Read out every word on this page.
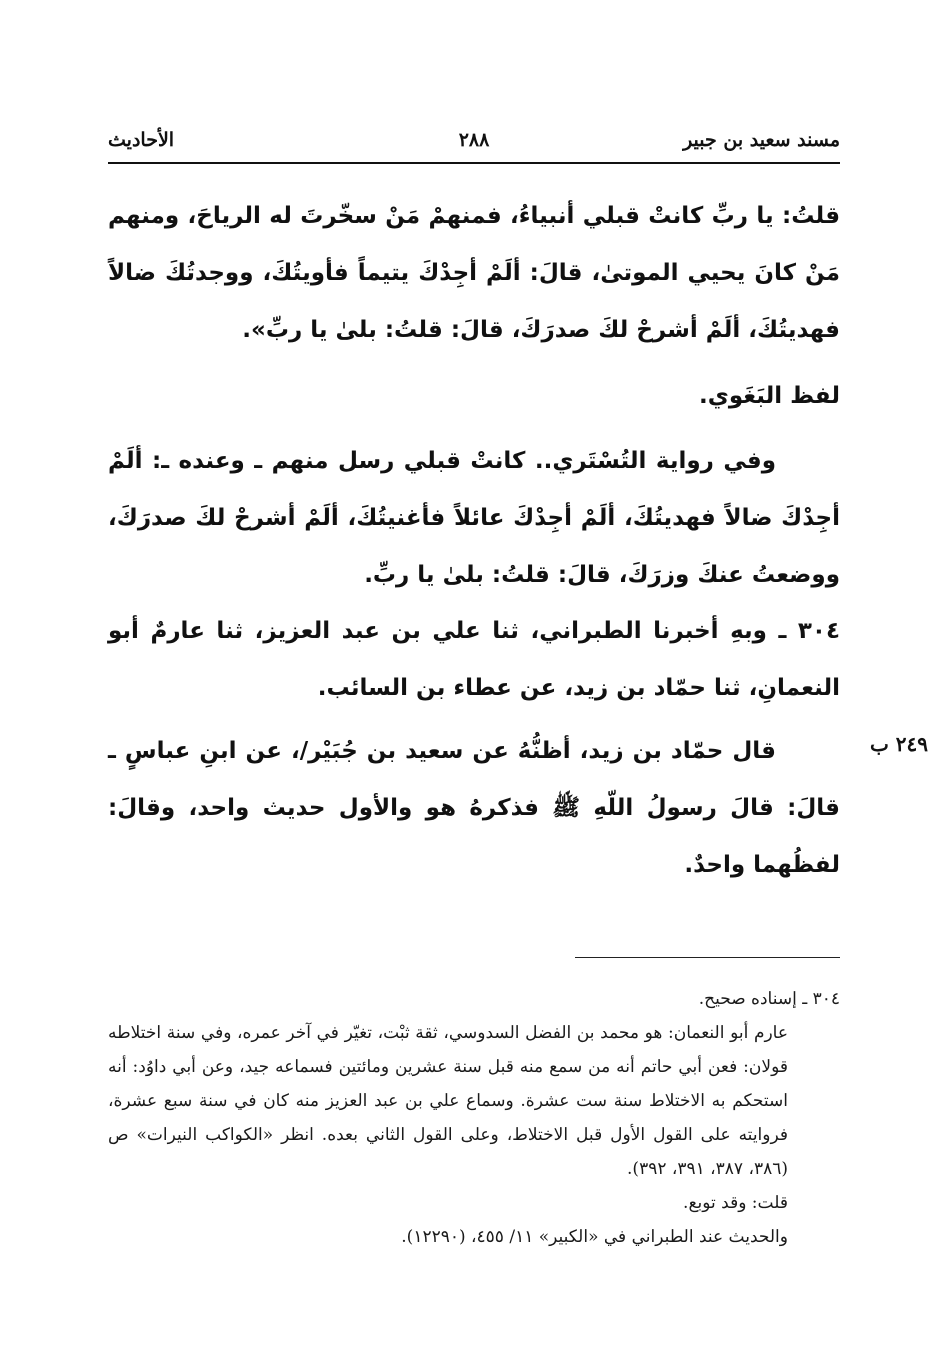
مسند سعيد بن جبير
٢٨٨
الأحاديث

قلتُ: يا ربِّ كانتْ قبلي أنبياءُ، فمنهمْ مَنْ سخّرتَ له الرياحَ، ومنهم مَنْ كانَ يحيي الموتىٰ، قالَ: ألَمْ أجِدْكَ يتيماً فأويتُكَ، ووجدتُكَ ضالاً فهديتُكَ، ألَمْ أشرحْ لكَ صدرَكَ، قالَ: قلتُ: بلىٰ يا ربِّ».

لفظ البَغَوي.

وفي رواية التُسْتَري.. كانتْ قبلي رسل منهم ـ وعنده ـ: ألَمْ أجِدْكَ ضالاً فهديتُكَ، ألَمْ أجِدْكَ عائلاً فأغنيتُكَ، ألَمْ أشرحْ لكَ صدرَكَ، ووضعتُ عنكَ وزرَكَ، قالَ: قلتُ: بلىٰ يا ربِّ.

٣٠٤ ـ وبهِ أخبرنا الطبراني، ثنا علي بن عبد العزيز، ثنا عارمٌ أبو النعمانِ، ثنا حمّاد بن زيد، عن عطاء بن السائب.

قال حمّاد بن زيد، أظنُّهُ عن سعيد بن جُبَيْر/، عن ابنِ عباسٍ ـ قالَ: قالَ رسولُ اللّهِ ﷺ فذكرهُ هو والأول حديث واحد، وقالَ: لفظُهما واحدٌ.

٢٤٩ ب

٣٠٤ ـ إسناده صحيح.

عارم أبو النعمان: هو محمد بن الفضل السدوسي، ثقة ثبْت، تغيّر في آخر عمره، وفي سنة اختلاطه قولان: فعن أبي حاتم أنه من سمع منه قبل سنة عشرين ومائتين فسماعه جيد، وعن أبي داوُد: أنه استحكم به الاختلاط سنة ست عشرة. وسماع علي بن عبد العزيز منه كان في سنة سبع عشرة، فروايته على القول الأول قبل الاختلاط، وعلى القول الثاني بعده. انظر «الكواكب النيرات» ص (٣٨٦، ٣٨٧، ٣٩١، ٣٩٢).

قلت: وقد توبع.

والحديث عند الطبراني في «الكبير» ١١/ ٤٥٥، (١٢٢٩٠).
